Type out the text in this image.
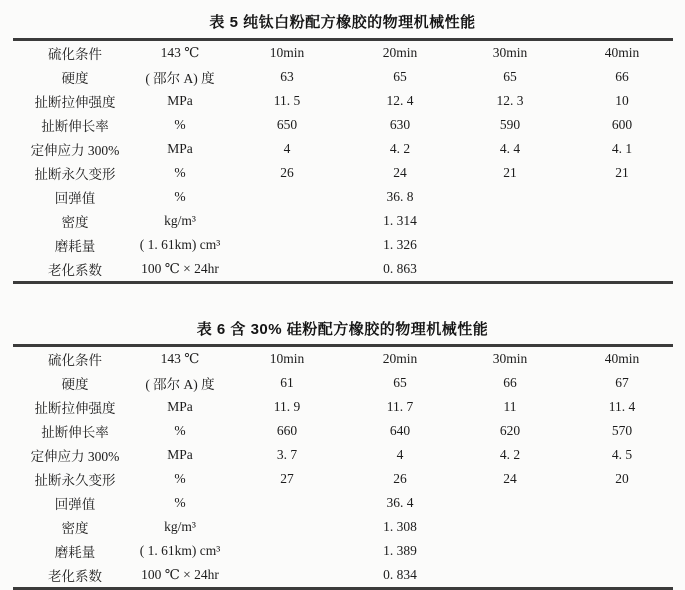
表 5 纯钛白粉配方橡胶的物理机械性能
硫化条件	143 ℃	10min	20min	30min	40min
硬度	( 邵尔 A) 度	63	65	65	66
扯断拉伸强度	MPa	11. 5	12. 4	12. 3	10
扯断伸长率	%	650	630	590	600
定伸应力 300%	MPa	4	4. 2	4. 4	4. 1
扯断永久变形	%	26	24	21	21
回弹值	%		36. 8		
密度	kg/m³		1. 314		
磨耗量	( 1. 61km) cm³		1. 326		
老化系数	100 ℃ × 24hr		0. 863		
表 6 含 30% 硅粉配方橡胶的物理机械性能
硫化条件	143 ℃	10min	20min	30min	40min
硬度	( 邵尔 A) 度	61	65	66	67
扯断拉伸强度	MPa	11. 9	11. 7	11	11. 4
扯断伸长率	%	660	640	620	570
定伸应力 300%	MPa	3. 7	4	4. 2	4. 5
扯断永久变形	%	27	26	24	20
回弹值	%		36. 4		
密度	kg/m³		1. 308		
磨耗量	( 1. 61km) cm³		1. 389		
老化系数	100 ℃ × 24hr		0. 834		
